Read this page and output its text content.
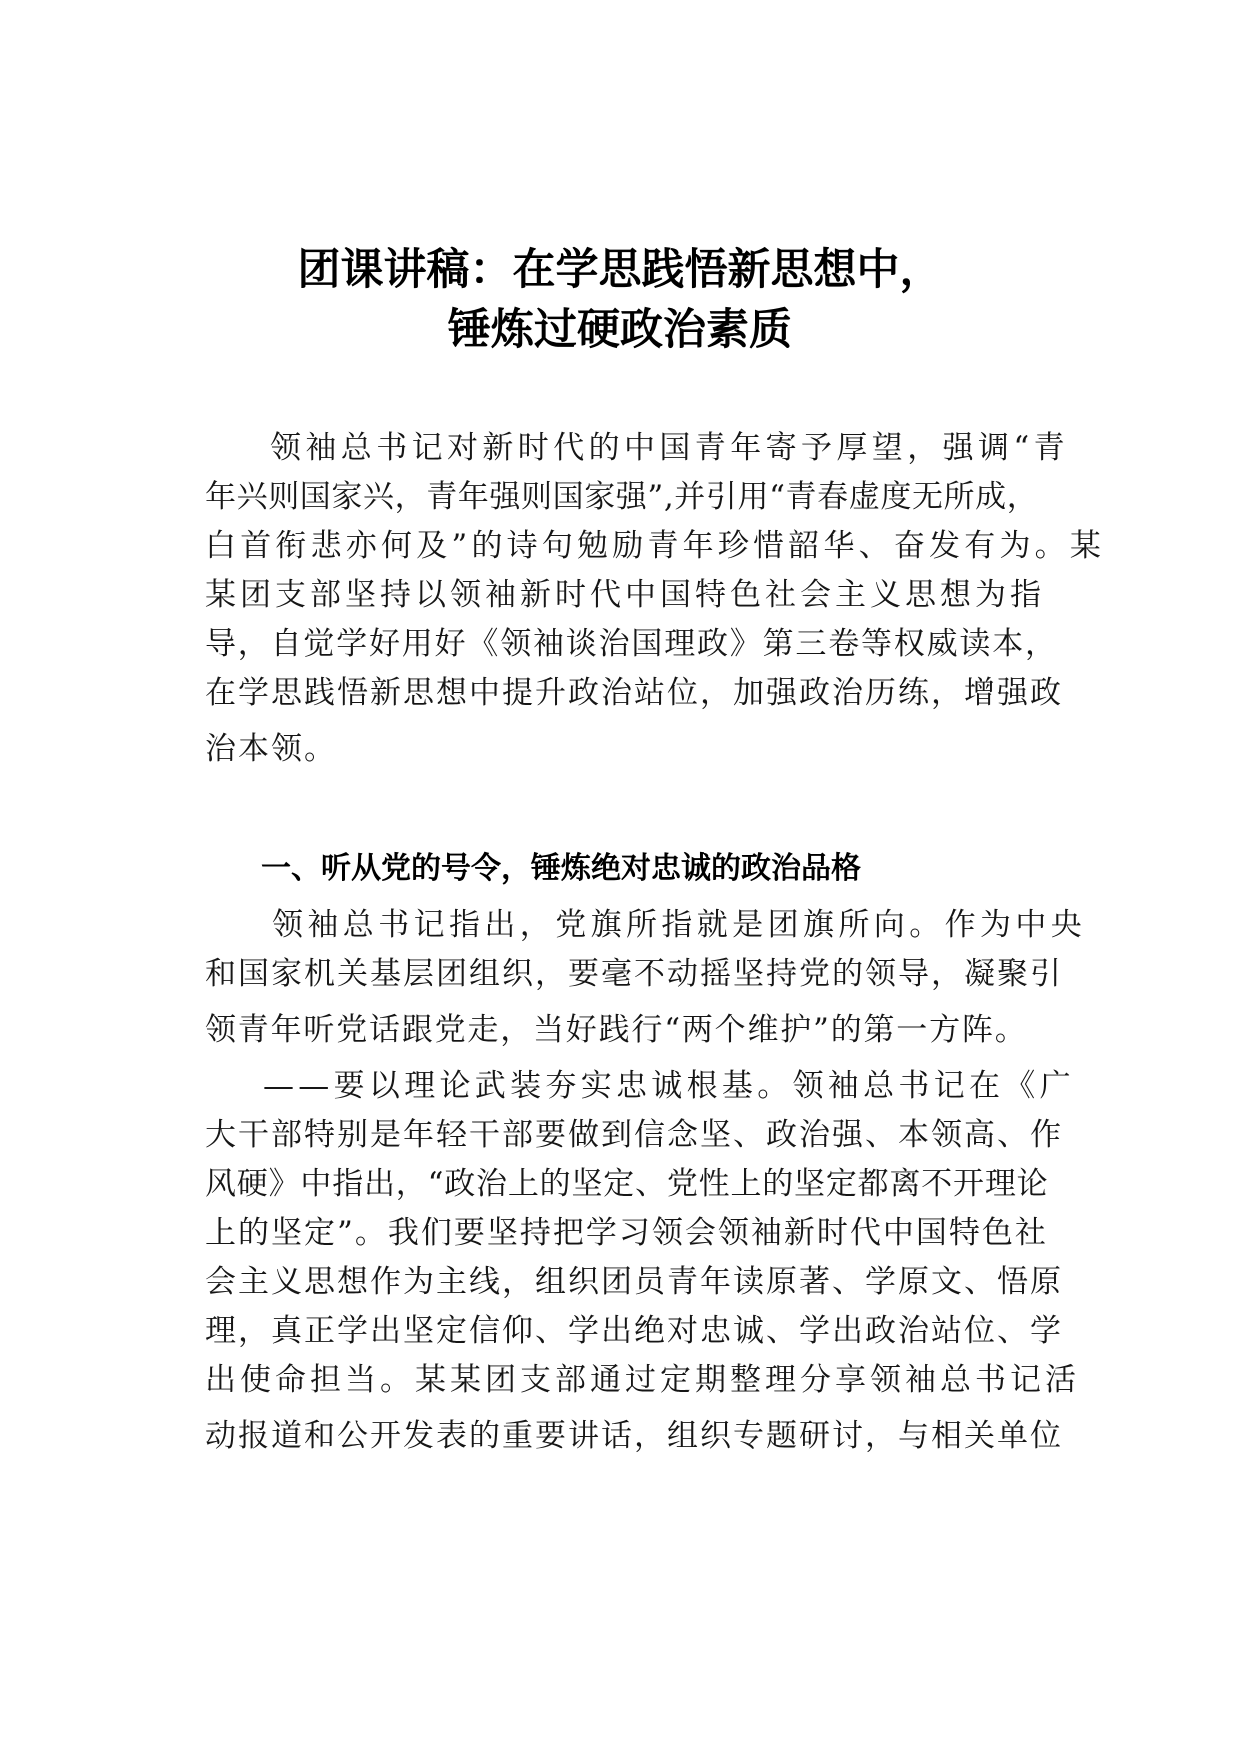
团课讲稿：在学思践悟新思想中，
锤炼过硬政治素质
领袖总书记对新时代的中国青年寄予厚望，强调“青
年兴则国家兴，青年强则国家强”,并引用“青春虚度无所成，
白首衔悲亦何及”的诗句勉励青年珍惜韶华、奋发有为。某
某团支部坚持以领袖新时代中国特色社会主义思想为指
导，自觉学好用好《领袖谈治国理政》第三卷等权威读本，
在学思践悟新思想中提升政治站位，加强政治历练，增强政
治本领。
一、听从党的号令，锤炼绝对忠诚的政治品格
领袖总书记指出，党旗所指就是团旗所向。作为中央
和国家机关基层团组织，要毫不动摇坚持党的领导，凝聚引
领青年听党话跟党走，当好践行“两个维护”的第一方阵。
——要以理论武装夯实忠诚根基。领袖总书记在《广
大干部特别是年轻干部要做到信念坚、政治强、本领高、作
风硬》中指出，“政治上的坚定、党性上的坚定都离不开理论
上的坚定”。我们要坚持把学习领会领袖新时代中国特色社
会主义思想作为主线，组织团员青年读原著、学原文、悟原
理，真正学出坚定信仰、学出绝对忠诚、学出政治站位、学
出使命担当。某某团支部通过定期整理分享领袖总书记活
动报道和公开发表的重要讲话，组织专题研讨，与相关单位
